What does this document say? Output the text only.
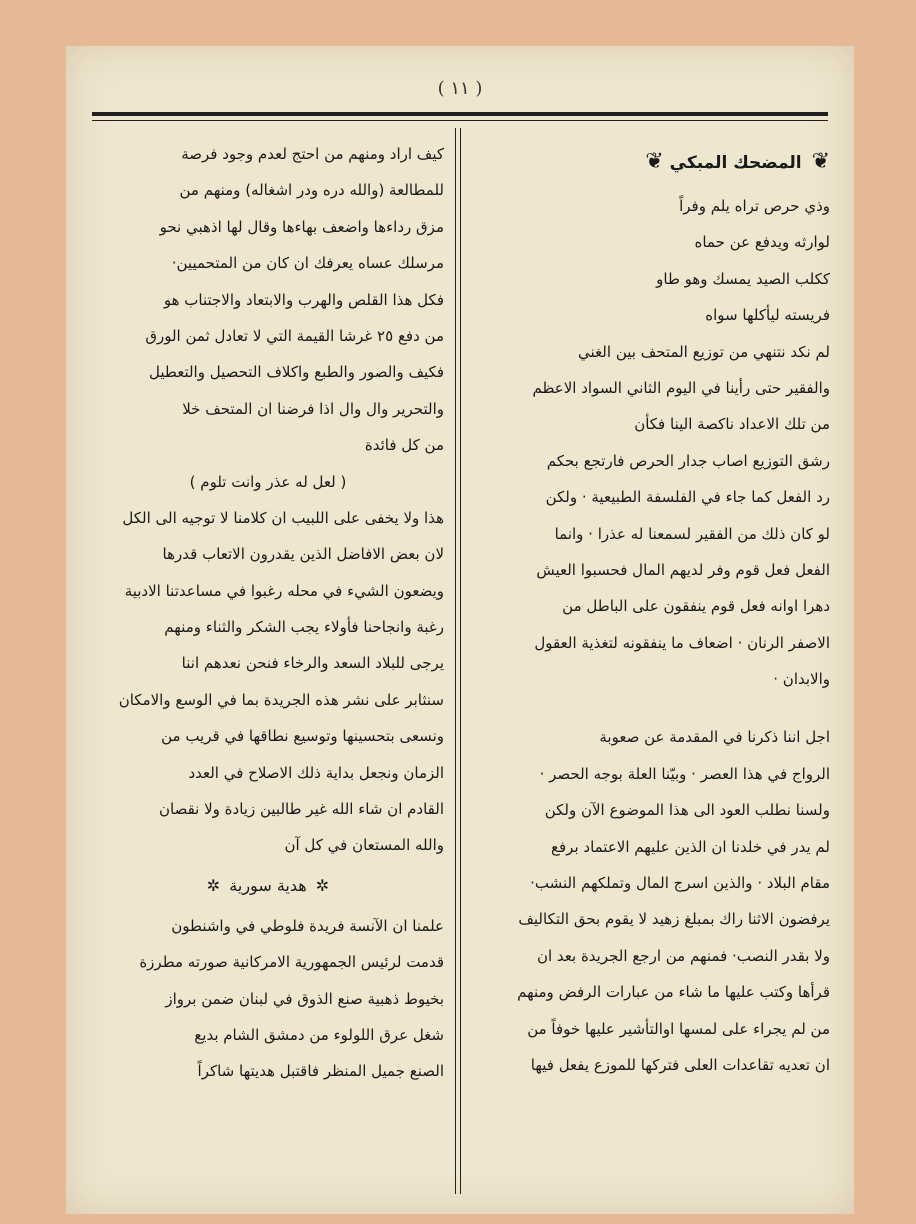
( ١١ )
❦ المضحك المبكي ❦
وذي حرص تراه يلم وفراً
لوارثه ويدفع عن حماه
ككلب الصيد يمسك وهو طاو
فريسته ليأكلها سواه
لم نكد نتنهي من توزيع المتحف بين الغني
والفقير حتى رأينا في اليوم الثاني السواد الاعظم
من تلك الاعداد ناكصة الينا فكأن
رشق التوزيع اصاب جدار الحرص فارتجع بحكم
رد الفعل كما جاء في الفلسفة الطبيعية · ولكن
لو كان ذلك من الفقير لسمعنا له عذرا · وانما
الفعل فعل قوم وفر لديهم المال فحسبوا العيش
دهرا اوانه فعل قوم ينفقون على الباطل من
الاصفر الرنان · اضعاف ما ينفقونه لتغذية العقول
والابدان ·
اجل اننا ذكرنا في المقدمة عن صعوبة
الرواج في هذا العصر · وبيّنا العلة بوجه الحصر ·
ولسنا نطلب العود الى هذا الموضوع الآن ولكن
لم يدر في خلدنا ان الذين عليهم الاعتماد برفع
مقام البلاد · والذين اسرج المال وتملكهم النشب·
يرفضون الاثنا راك بمبلغ زهيد لا يقوم بحق التكاليف
ولا بقدر النصب· فمنهم من ارجع الجريدة بعد ان
قرأها وكتب عليها ما شاء من عبارات الرفض ومنهم
من لم يجراء على لمسها اوالتأشير عليها خوفاً من
ان تعديه تقاعدات العلى فتركها للموزع يفعل فيها
كيف اراد ومنهم من احتج لعدم وجود فرصة
للمطالعة (والله دره ودر اشغاله) ومنهم من
مزق رداءها واضعف بهاءها وقال لها اذهبي نحو
مرسلك عساه يعرفك ان كان من المتحميين·
فكل هذا القلص والهرب والابتعاد والاجتناب هو
من دفع ٢٥ غرشا القيمة التي لا تعادل ثمن الورق
فكيف والصور والطبع واكلاف التحصيل والتعطيل
والتحرير وال وال اذا فرضنا ان المتحف خلا
من كل فائدة
( لعل له عذر وانت تلوم )
هذا ولا يخفى على اللبيب ان كلامنا لا توجيه الى الكل
لان بعض الافاضل الذين يقدرون الاتعاب قدرها
ويضعون الشيء في محله رغبوا في مساعدتنا الادبية
رغبة وانجاحنا فأولاء يجب الشكر والثناء ومنهم
يرجى للبلاد السعد والرخاء فنحن نعدهم اننا
سنثابر على نشر هذه الجريدة بما في الوسع والامكان
ونسعى بتحسينها وتوسيع نطاقها في قريب من
الزمان ونجعل بداية ذلك الاصلاح في العدد
القادم ان شاء الله غير طالبين زيادة ولا نقصان
والله المستعان في كل آن
✲ هدية سورية ✲
علمنا ان الآنسة فريدة فلوطي في واشنطون
قدمت لرئيس الجمهورية الامركانية صورته مطرزة
بخيوط ذهبية صنع الذوق في لبنان ضمن برواز
شغل عرق اللولوء من دمشق الشام بديع
الصنع جميل المنظر فاقتبل هديتها شاكراً
